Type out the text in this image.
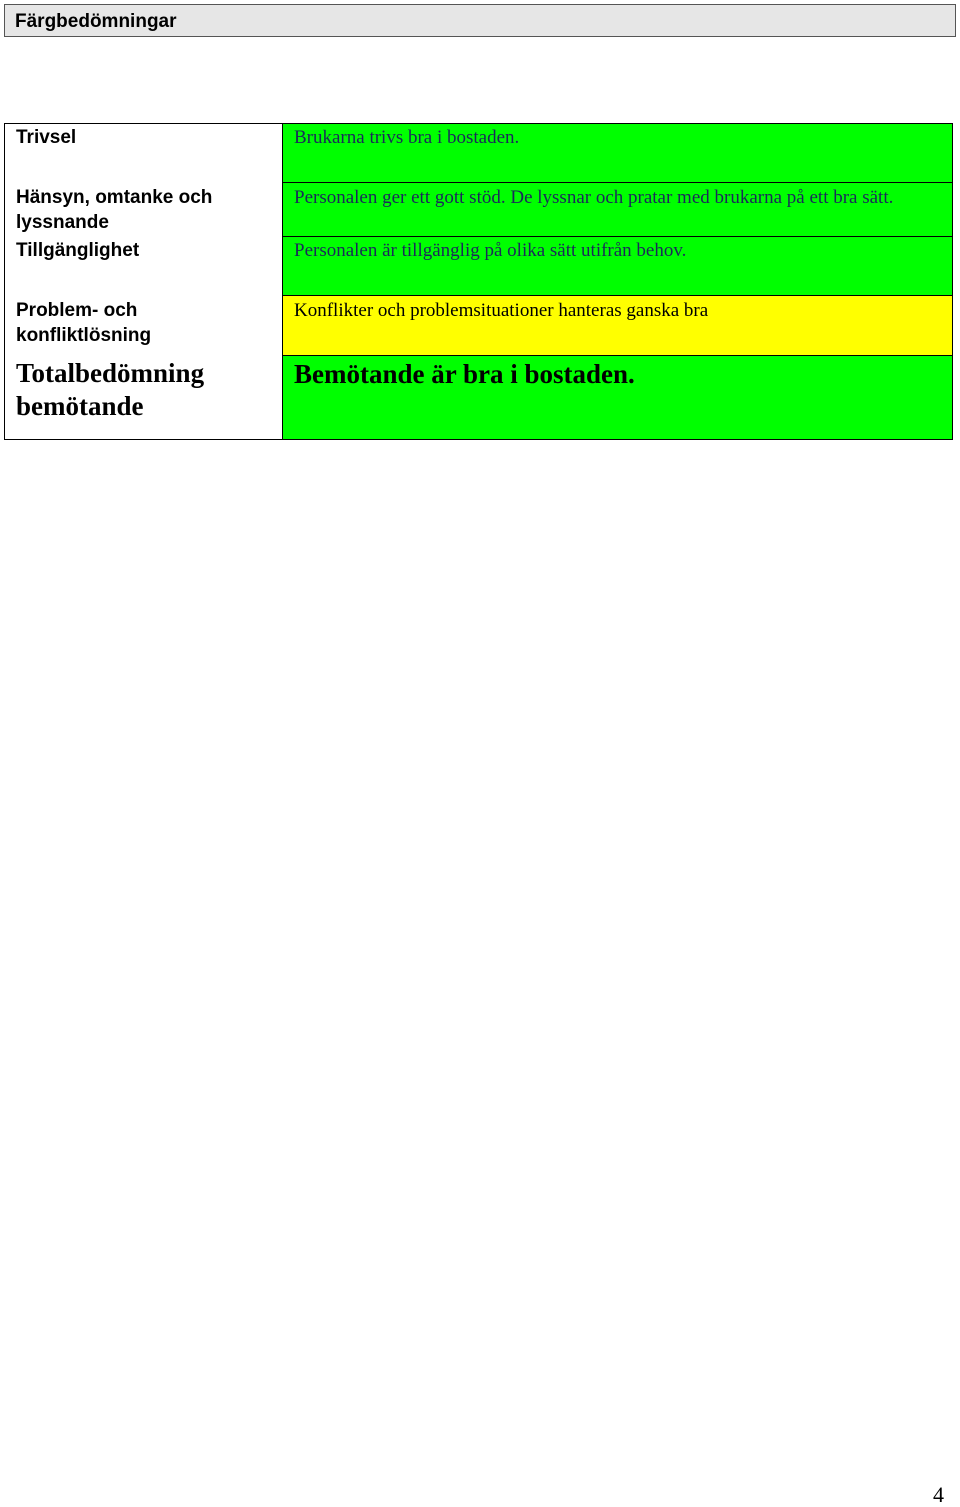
Färgbedömningar
Trivsel
Hänsyn, omtanke och lyssnande
Tillgänglighet
Problem- och konfliktlösning
Totalbedömning bemötande
Brukarna trivs bra i bostaden.
Personalen ger ett gott stöd. De lyssnar och pratar med brukarna på ett bra sätt.
Personalen är tillgänglig på olika sätt utifrån behov.
Konflikter och problemsituationer hanteras ganska bra
Bemötande är bra i bostaden.
4
